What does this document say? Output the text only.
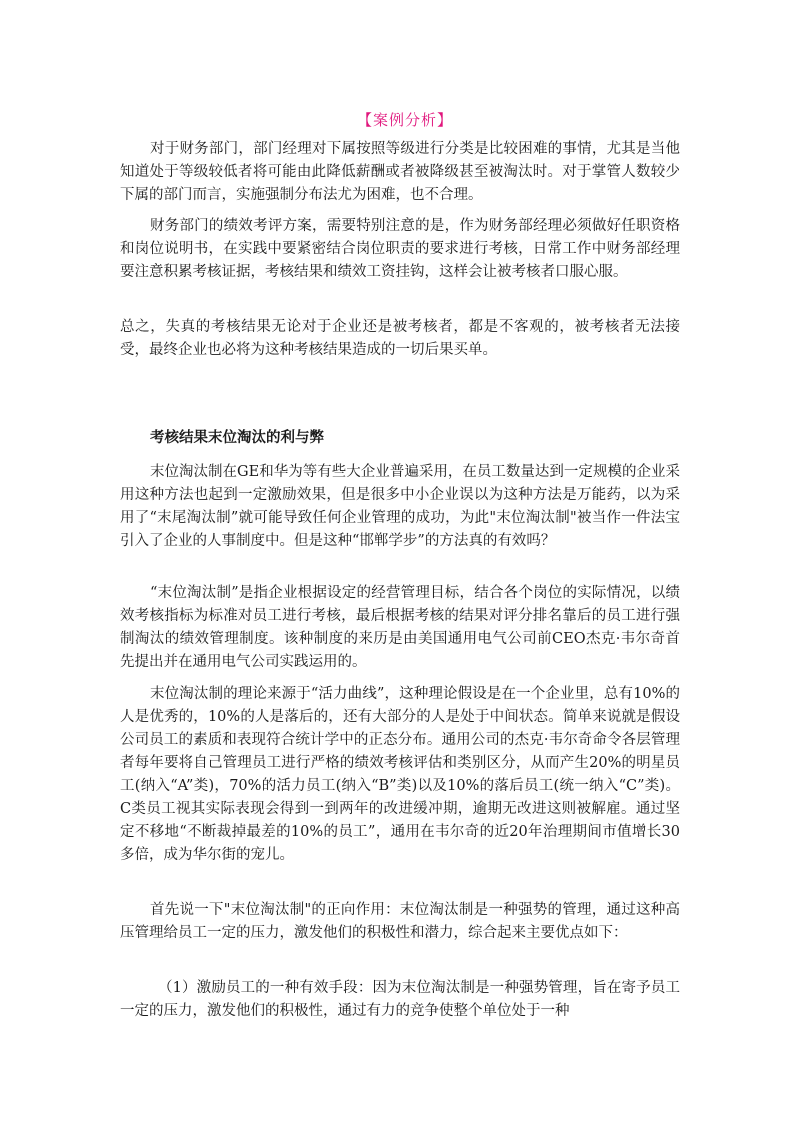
【案例分析】

对于财务部门，部门经理对下属按照等级进行分类是比较困难的事情，尤其是当他知道处于等级较低者将可能由此降低薪酬或者被降级甚至被淘汰时。对于掌管人数较少下属的部门而言，实施强制分布法尤为困难，也不合理。

财务部门的绩效考评方案，需要特别注意的是，作为财务部经理必须做好任职资格和岗位说明书，在实践中要紧密结合岗位职责的要求进行考核，日常工作中财务部经理要注意积累考核证据，考核结果和绩效工资挂钩，这样会让被考核者口服心服。

总之，失真的考核结果无论对于企业还是被考核者，都是不客观的，被考核者无法接受，最终企业也必将为这种考核结果造成的一切后果买单。

考核结果末位淘汰的利与弊

末位淘汰制在GE和华为等有些大企业普遍采用，在员工数量达到一定规模的企业采用这种方法也起到一定激励效果，但是很多中小企业误以为这种方法是万能药，以为采用了“末尾淘汰制”就可能导致任何企业管理的成功，为此"末位淘汰制"被当作一件法宝引入了企业的人事制度中。但是这种“邯郸学步”的方法真的有效吗？

“末位淘汰制”是指企业根据设定的经营管理目标，结合各个岗位的实际情况，以绩效考核指标为标准对员工进行考核，最后根据考核的结果对评分排名靠后的员工进行强制淘汰的绩效管理制度。该种制度的来历是由美国通用电气公司前CEO杰克·韦尔奇首先提出并在通用电气公司实践运用的。

末位淘汰制的理论来源于“活力曲线”，这种理论假设是在一个企业里，总有10%的人是优秀的，10%的人是落后的，还有大部分的人是处于中间状态。简单来说就是假设公司员工的素质和表现符合统计学中的正态分布。通用公司的杰克·韦尔奇命令各层管理者每年要将自己管理员工进行严格的绩效考核评估和类别区分，从而产生20%的明星员工(纳入“A”类)，70%的活力员工(纳入“B”类)以及10%的落后员工(统一纳入“C”类)。C类员工视其实际表现会得到一到两年的改进缓冲期，逾期无改进这则被解雇。通过坚定不移地“不断裁掉最差的10%的员工”，通用在韦尔奇的近20年治理期间市值增长30多倍，成为华尔街的宠儿。

首先说一下"末位淘汰制"的正向作用：末位淘汰制是一种强势的管理，通过这种高压管理给员工一定的压力，激发他们的积极性和潜力，综合起来主要优点如下：

（1）激励员工的一种有效手段：因为末位淘汰制是一种强势管理，旨在寄予员工一定的压力，激发他们的积极性，通过有力的竞争使整个单位处于一种
